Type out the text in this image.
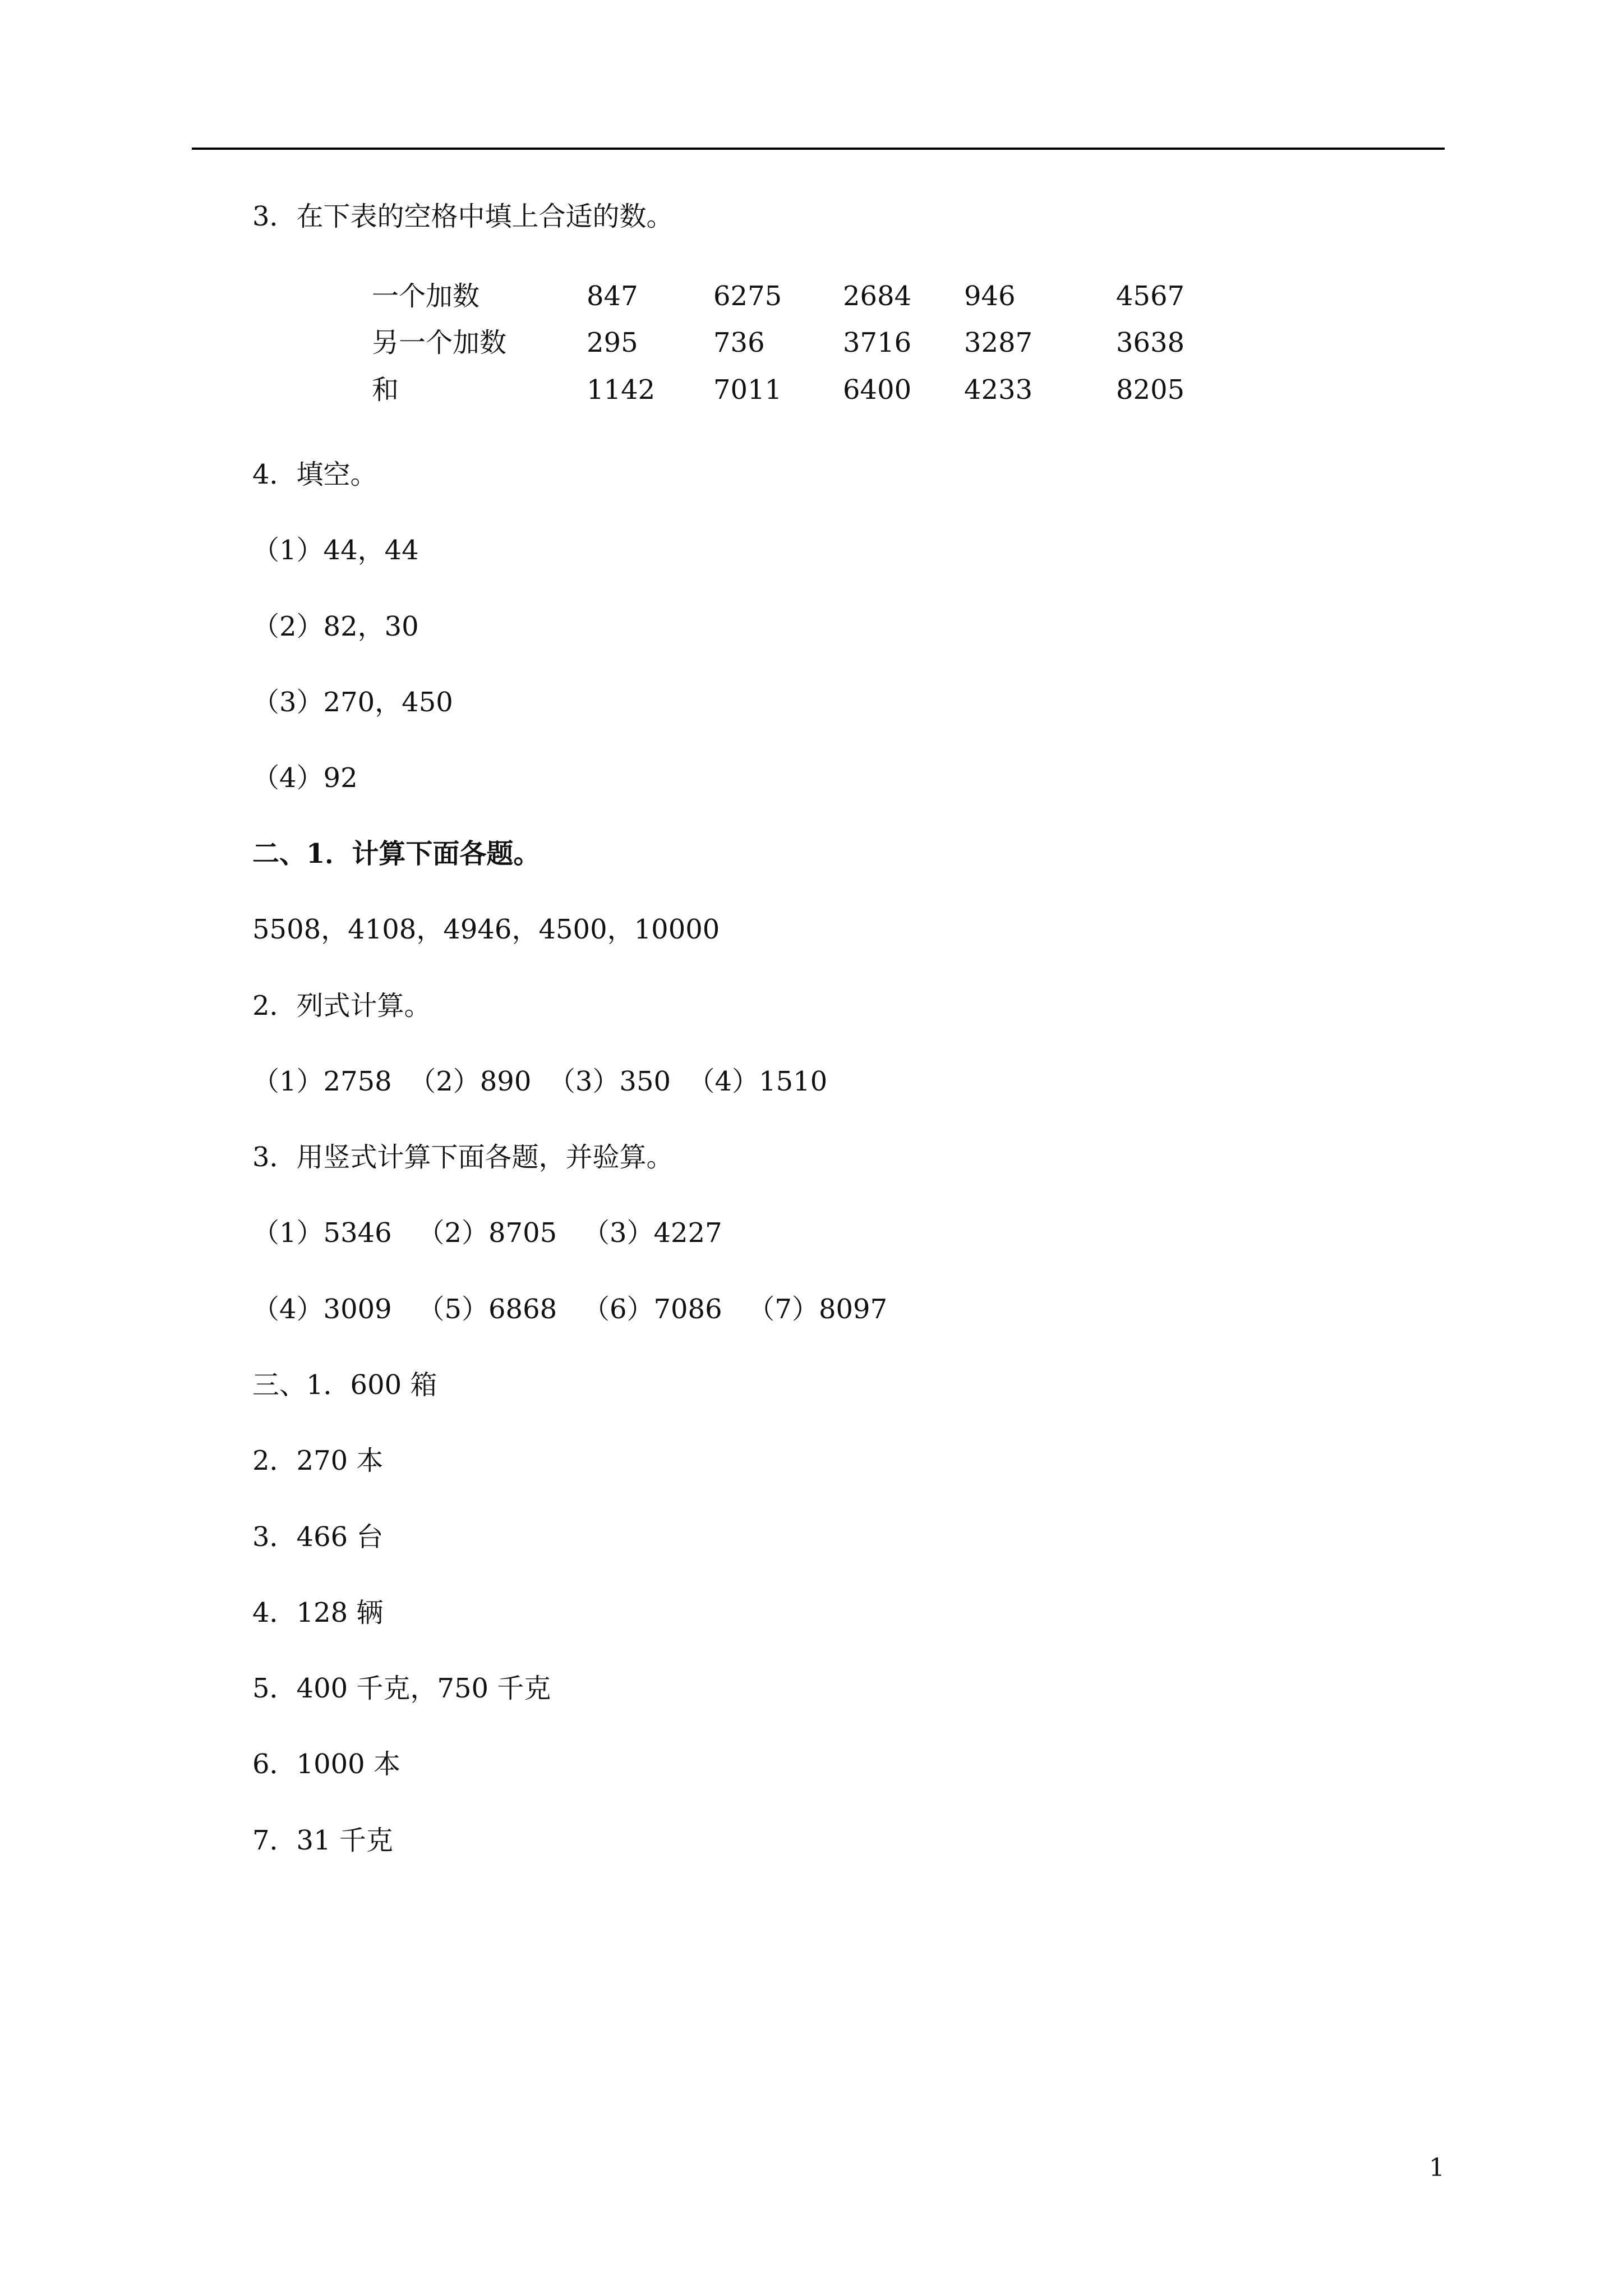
3．在下表的空格中填上合适的数。
一个加数	847	6275 2684 946	4567
另一个加数	295	736	3716 3287	3638
和	1142 7011 6400 4233	8205
4．填空。
（1）44，44
（2）82，30
（3）270，450
（4）92
二、1．计算下面各题。
5508，4108，4946，4500，10000
2．列式计算。
（1）2758  （2）890  （3）350  （4）1510
3．用竖式计算下面各题，并验算。
（1）5346   （2）8705   （3）4227
（4）3009   （5）6868   （6）7086   （7）8097
三、1．600 箱
2．270 本
3．466 台
4．128 辆
5．400 千克，750 千克
6．1000 本
7．31 千克
1
